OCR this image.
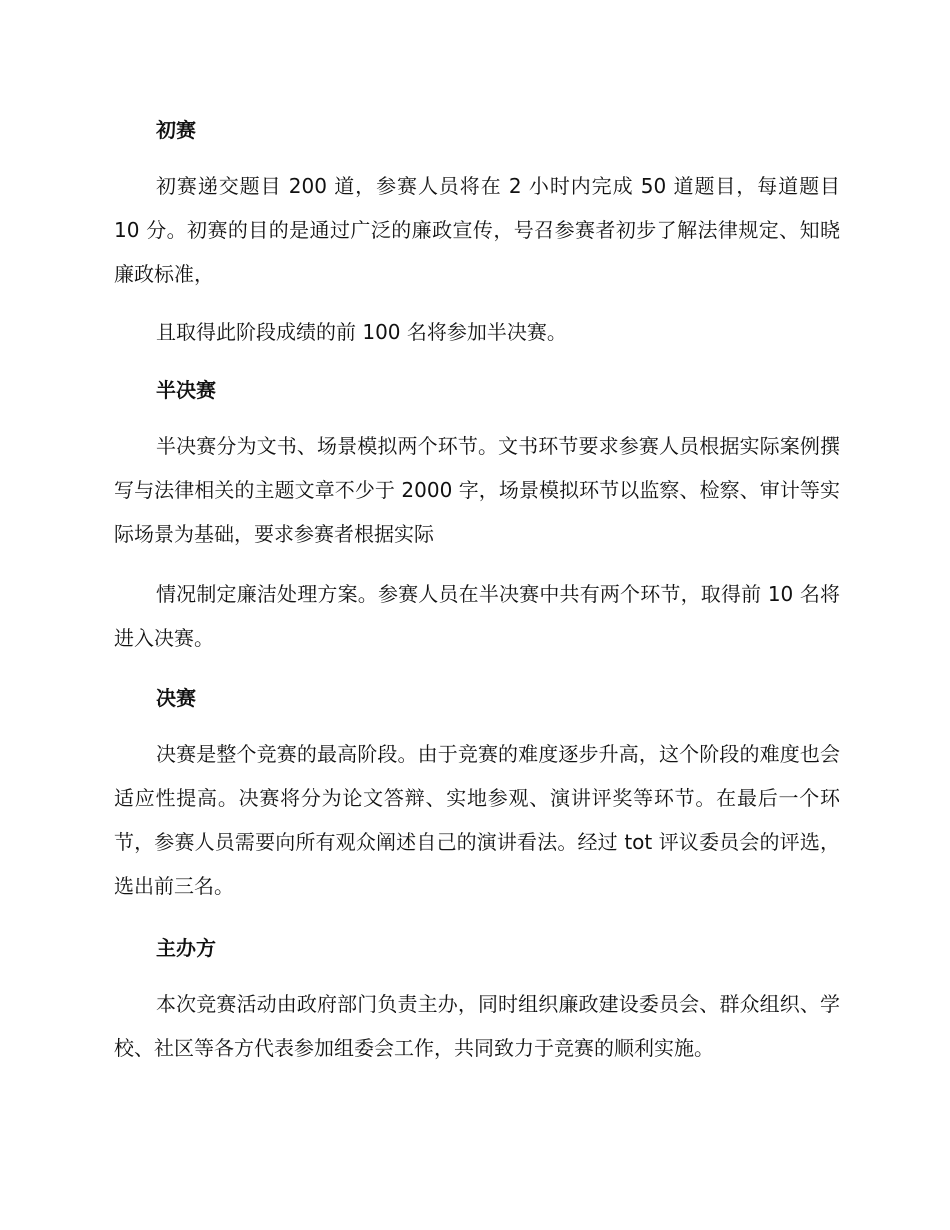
初赛

初赛递交题目 200 道，参赛人员将在 2 小时内完成 50 道题目，每道题目 10 分。初赛的目的是通过广泛的廉政宣传，号召参赛者初步了解法律规定、知晓廉政标准，

且取得此阶段成绩的前 100 名将参加半决赛。

半决赛

半决赛分为文书、场景模拟两个环节。文书环节要求参赛人员根据实际案例撰写与法律相关的主题文章不少于 2000 字，场景模拟环节以监察、检察、审计等实际场景为基础，要求参赛者根据实际

情况制定廉洁处理方案。参赛人员在半决赛中共有两个环节，取得前 10 名将进入决赛。

决赛

决赛是整个竞赛的最高阶段。由于竞赛的难度逐步升高，这个阶段的难度也会适应性提高。决赛将分为论文答辩、实地参观、演讲评奖等环节。在最后一个环节，参赛人员需要向所有观众阐述自己的演讲看法。经过 tot 评议委员会的评选，选出前三名。

主办方

本次竞赛活动由政府部门负责主办，同时组织廉政建设委员会、群众组织、学校、社区等各方代表参加组委会工作，共同致力于竞赛的顺利实施。
